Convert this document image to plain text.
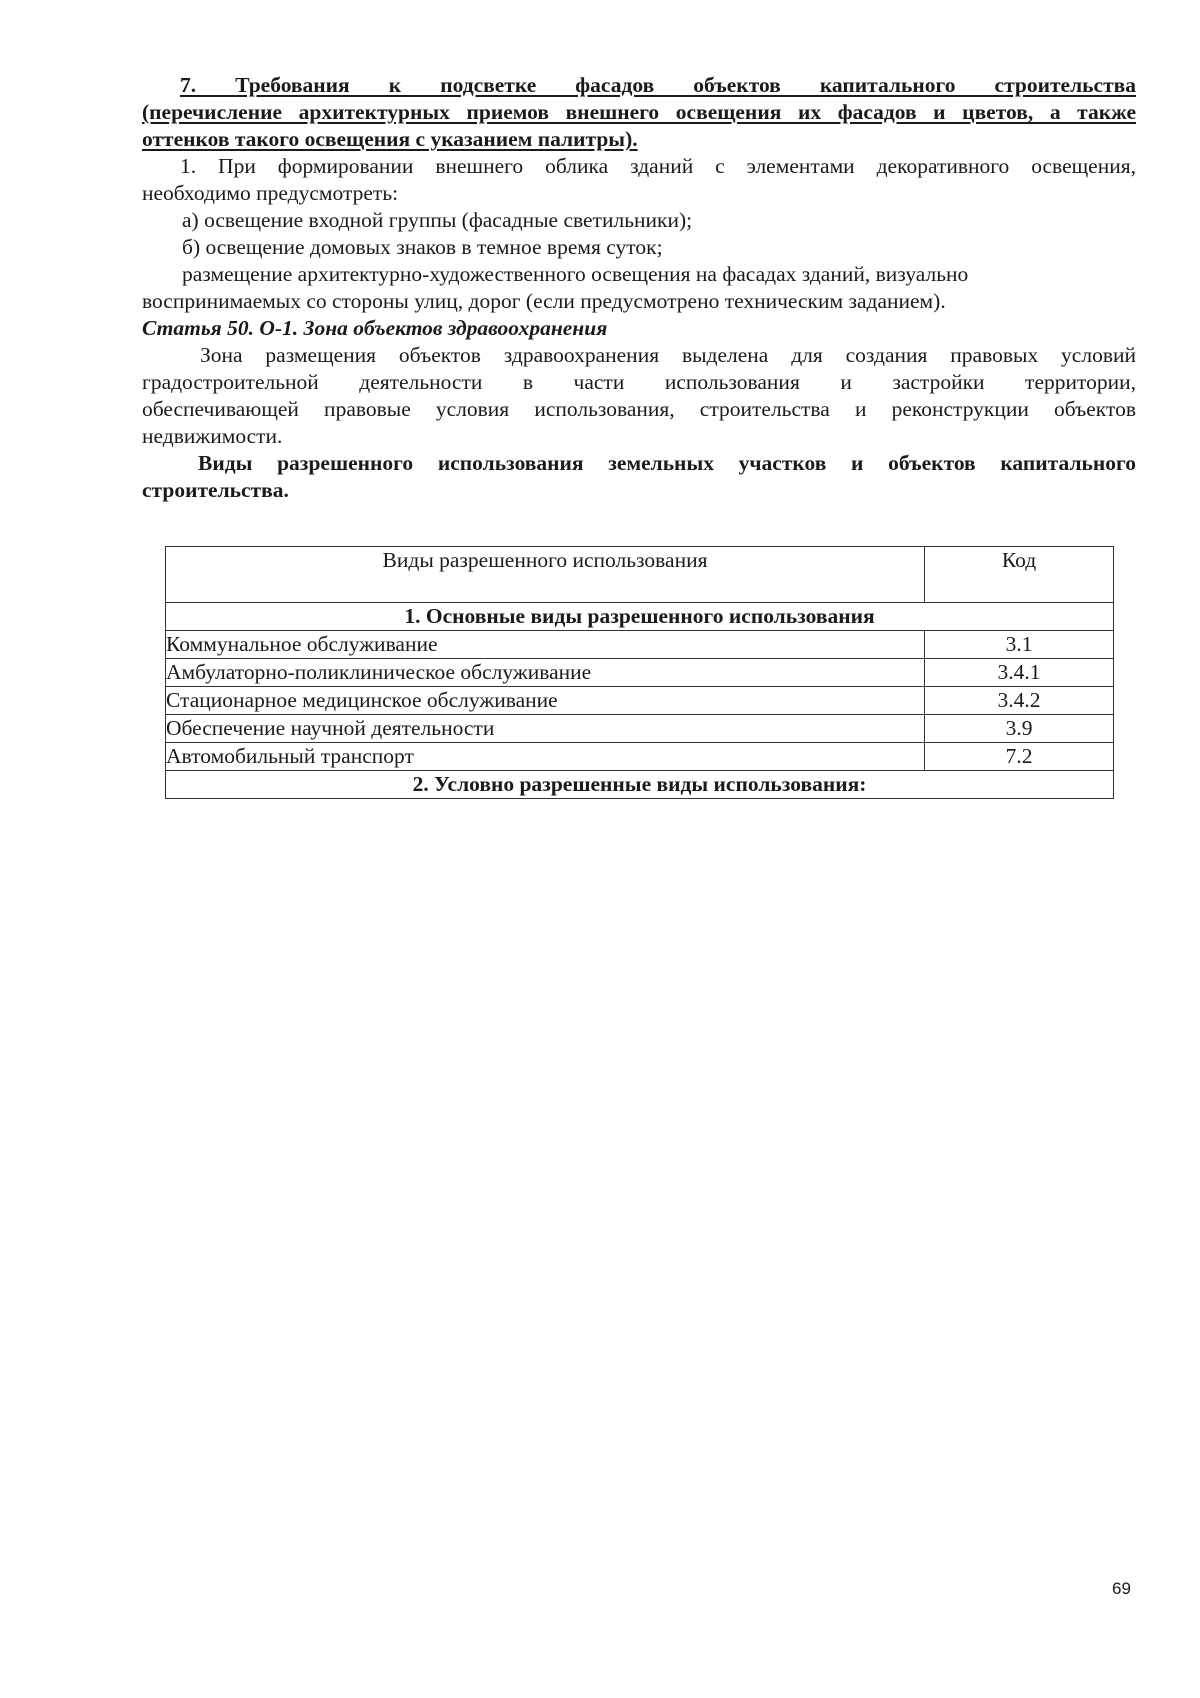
7. Требования к подсветке фасадов объектов капитального строительства
(перечисление архитектурных приемов внешнего освещения их фасадов и цветов, а также
оттенков такого освещения с указанием палитры).
1. При формировании внешнего облика зданий с элементами декоративного освещения,
необходимо предусмотреть:
а) освещение входной группы (фасадные светильники);
б) освещение домовых знаков в темное время суток;
размещение архитектурно-художественного освещения на фасадах зданий, визуально
воспринимаемых со стороны улиц, дорог (если предусмотрено техническим заданием).
Статья 50. О-1. Зона объектов здравоохранения
Зона размещения объектов здравоохранения выделена для создания правовых условий
градостроительной деятельности в части использования и застройки территории,
обеспечивающей правовые условия использования, строительства и реконструкции объектов
недвижимости.
Виды разрешенного использования земельных участков и объектов капитального
строительства.
Виды разрешенного использования	Код
1. Основные виды разрешенного использования	
Коммунальное обслуживание	3.1
Амбулаторно-поликлиническое обслуживание	3.4.1
Стационарное медицинское обслуживание	3.4.2
Обеспечение научной деятельности	3.9
Автомобильный транспорт	7.2
2. Условно разрешенные виды использования:	
69
